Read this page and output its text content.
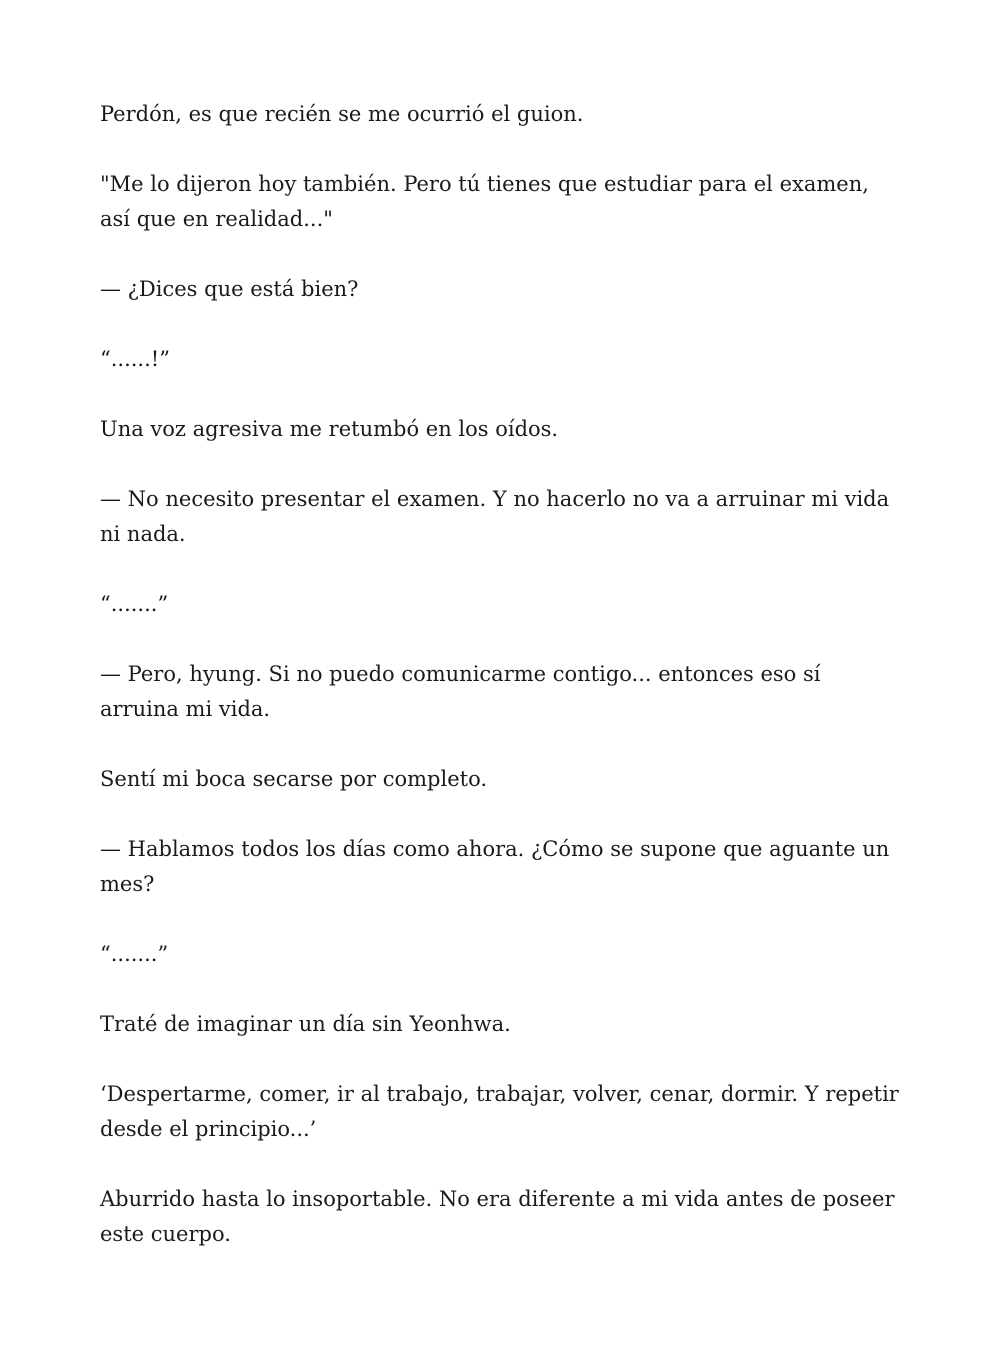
Perdón, es que recién se me ocurrió el guion.

"Me lo dijeron hoy también. Pero tú tienes que estudiar para el examen, así que en realidad..."

— ¿Dices que está bien?

“......!”

Una voz agresiva me retumbó en los oídos.

— No necesito presentar el examen. Y no hacerlo no va a arruinar mi vida ni nada.

“.......”

— Pero, hyung. Si no puedo comunicarme contigo... entonces eso sí arruina mi vida.

Sentí mi boca secarse por completo.

— Hablamos todos los días como ahora. ¿Cómo se supone que aguante un mes?

“.......”

Traté de imaginar un día sin Yeonhwa.

‘Despertarme, comer, ir al trabajo, trabajar, volver, cenar, dormir. Y repetir desde el principio...’

Aburrido hasta lo insoportable. No era diferente a mi vida antes de poseer este cuerpo.
